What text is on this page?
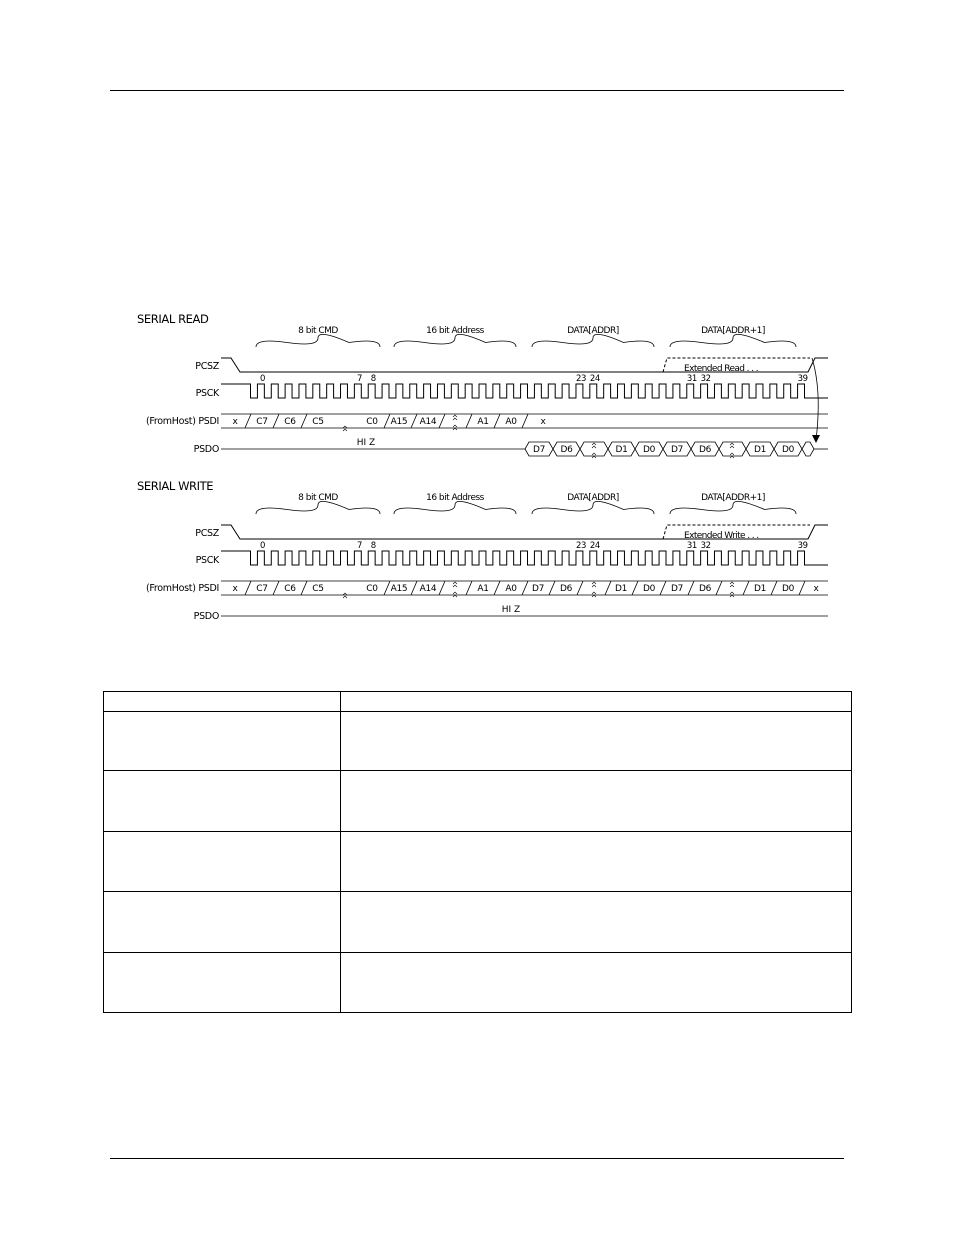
SERIAL READ
8 bit CMD	16 bit Address	DATA[ADDR]	DATA[ADDR+1]
PCSZ	Extended Read . . .
0	7 8	23 24	31 32	39
PSCK
(FromHost) PSDI x C7 C6 C5	C0 A15 A14	A1 A0	x
PSDO
HI Z
D7 D6	D1 D0 D7 D6	D1 D0
SERIAL WRITE
8 bit CMD	16 bit Address	DATA[ADDR]	DATA[ADDR+1]
PCSZ	Extended Write . . .
0	7 8	23 24	31 32	39
PSCK
(FromHost) PSDI x C7 C6 C5	C0 A15 A14	A1 A0 D7 D6	D1 D0 D7 D6	D1 D0 x
PSDO
HI Z
